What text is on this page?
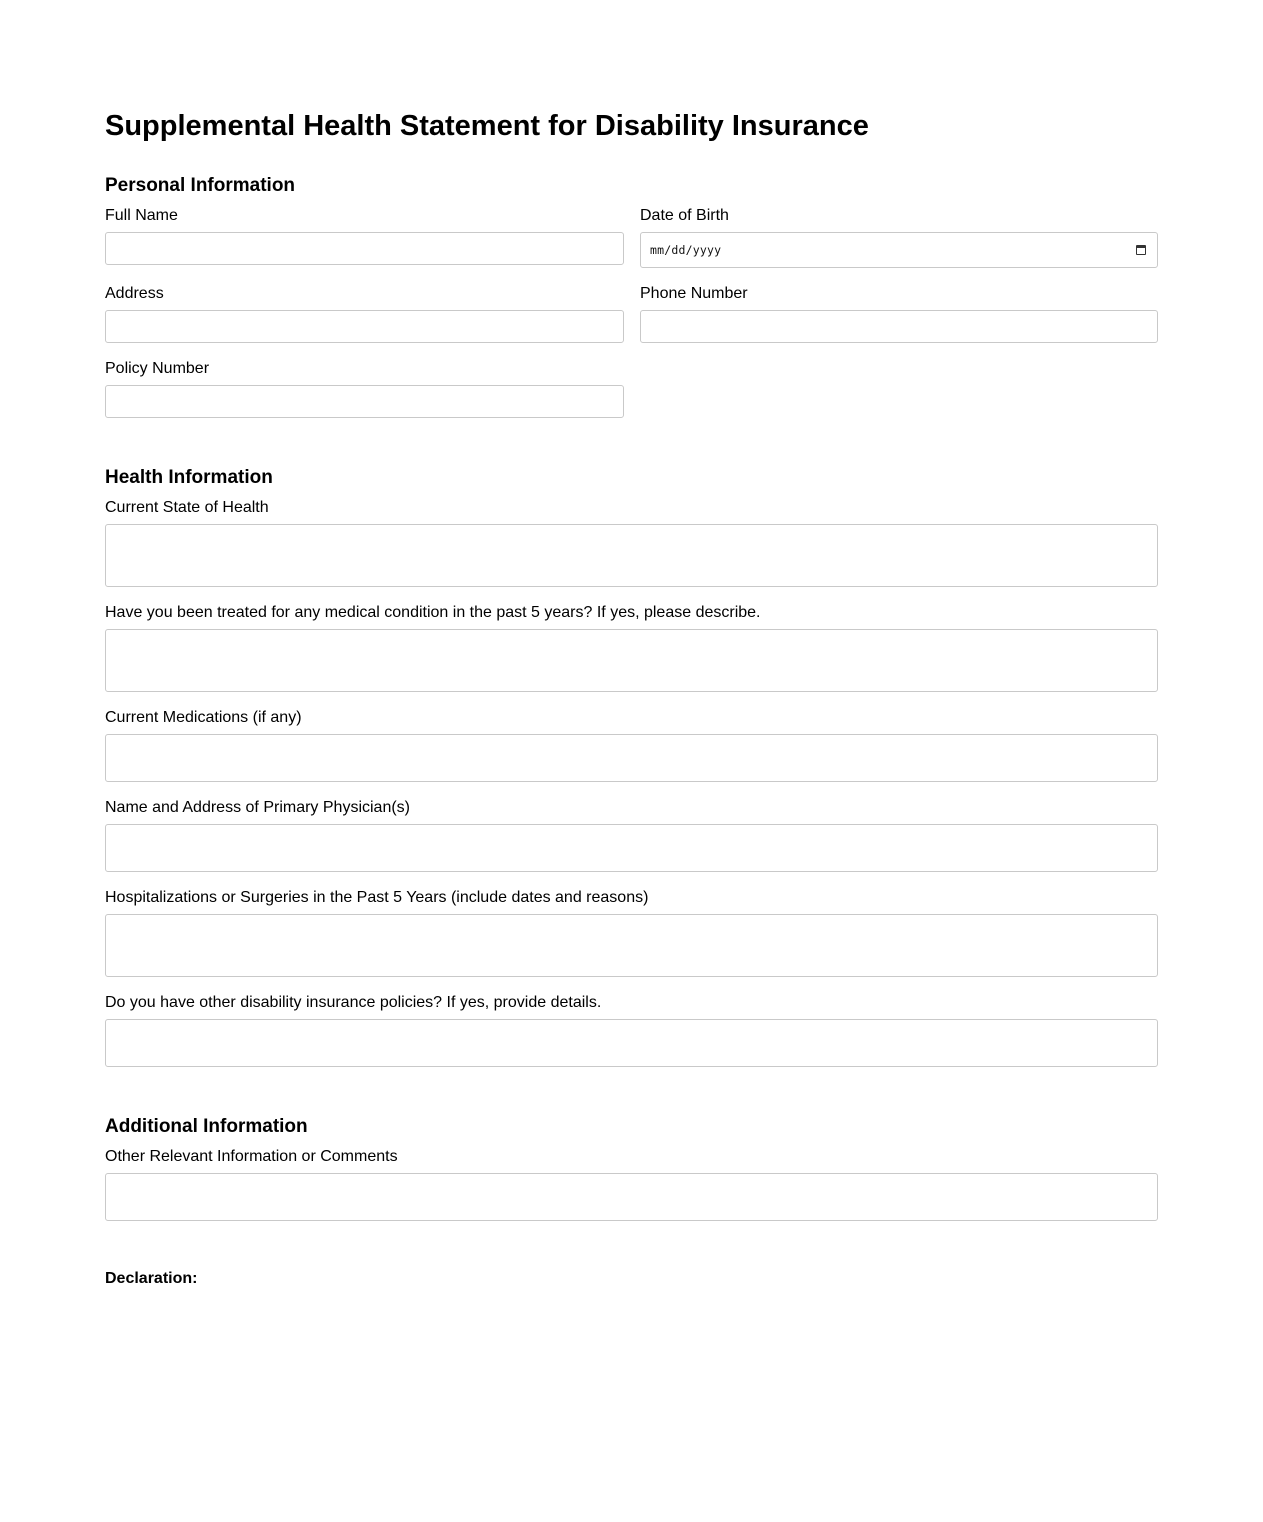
Supplemental Health Statement for Disability Insurance
Personal Information
Full Name	Date of Birth
mm/dd/yyyy
Address	Phone Number
Policy Number
Health Information
Current State of Health
Have you been treated for any medical condition in the past 5 years? If yes, please describe.
Current Medications (if any)
Name and Address of Primary Physician(s)
Hospitalizations or Surgeries in the Past 5 Years (include dates and reasons)
Do you have other disability insurance policies? If yes, provide details.
Additional Information
Other Relevant Information or Comments
Declaration:
